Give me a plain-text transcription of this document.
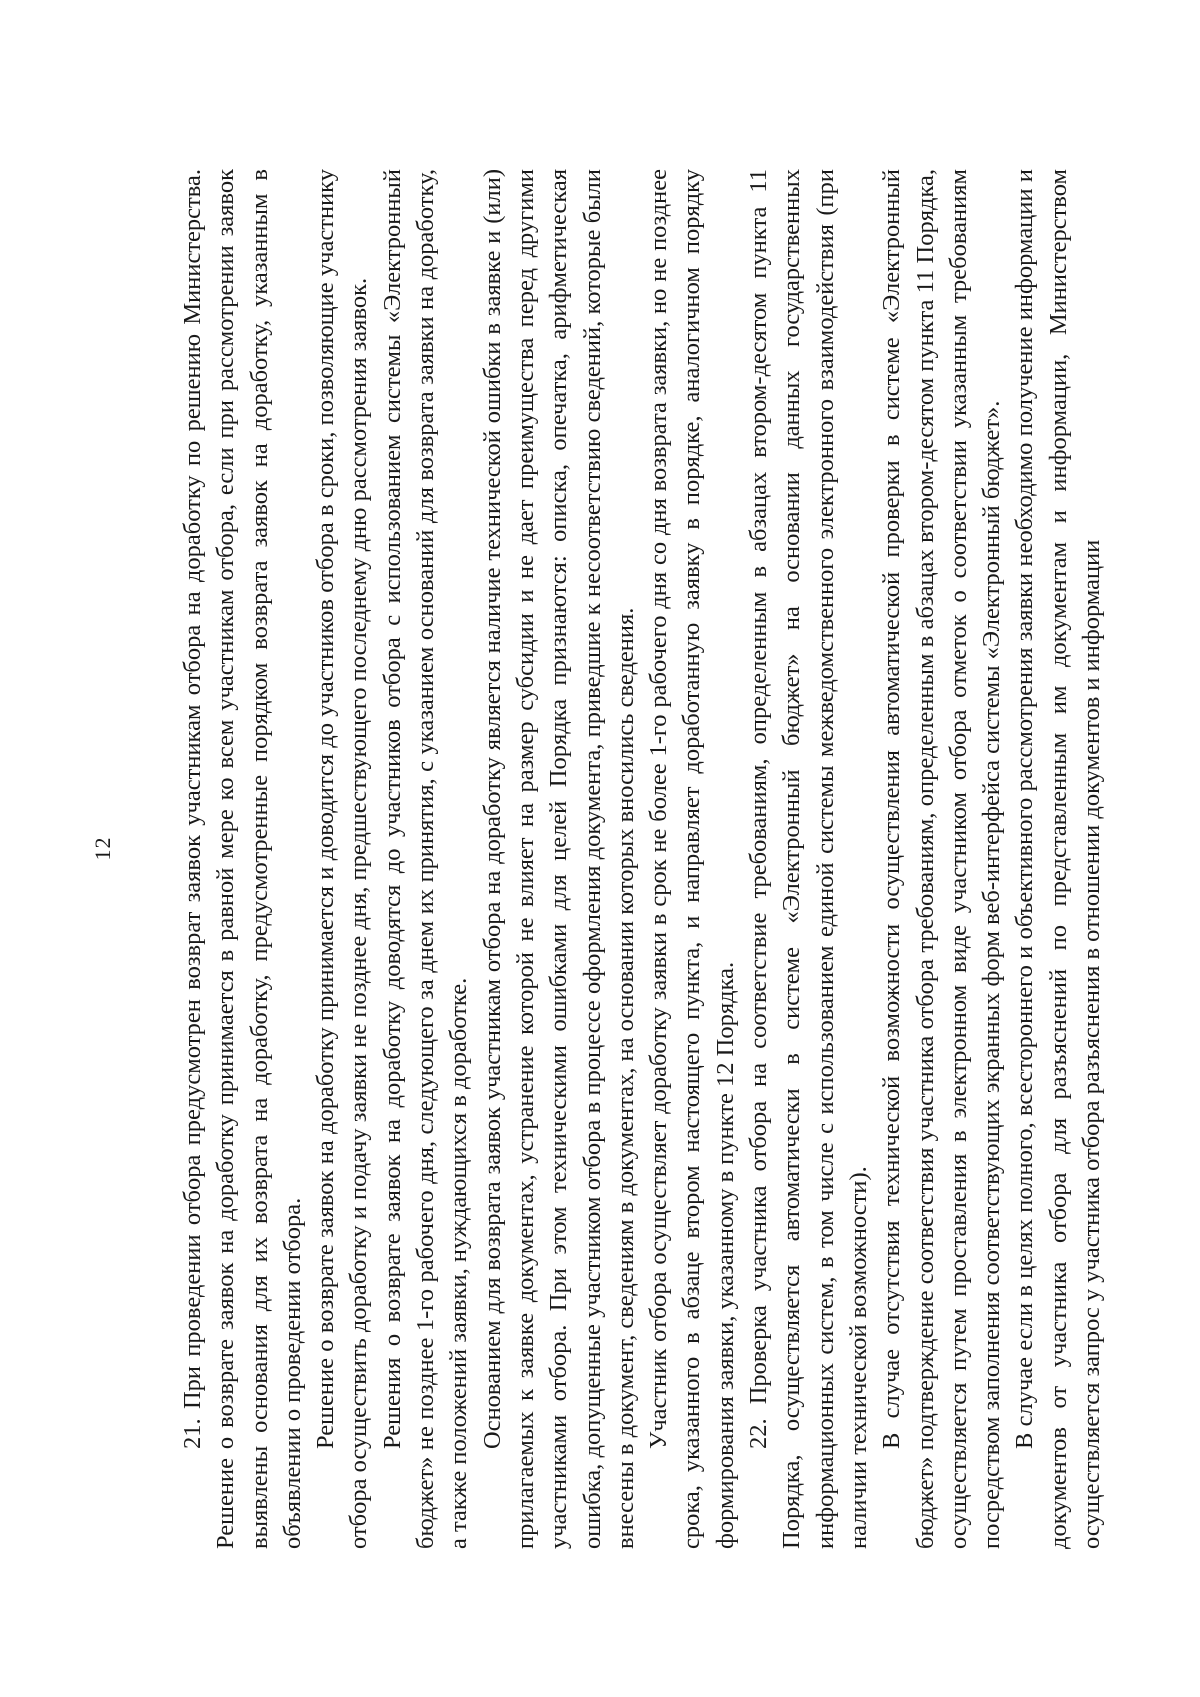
12	21. При проведении отбора предусмотрен возврат заявок участникам отбора на доработку по решению Министерства. Решение о возврате заявок на доработку принимается в равной мере ко всем участникам отбора, если при рассмотрении заявок выявлены основания для их возврата на доработку, предусмотренные порядком возврата заявок на доработку, указанным в объявлении о проведении отбора. Решение о возврате заявок на доработку принимается и доводится до участников отбора в сроки, позволяющие участнику отбора осуществить доработку и подачу заявки не позднее дня, предшествующего последнему дню рассмотрения заявок. Решения о возврате заявок на доработку доводятся до участников отбора с использованием системы «Электронный бюджет» не позднее 1-го рабочего дня, следующего за днем их принятия, с указанием оснований для возврата заявки на доработку, а также положений заявки, нуждающихся в доработке. Основанием для возврата заявок участникам отбора на доработку является наличие технической ошибки в заявке и (или) прилагаемых к заявке документах, устранение которой не влияет на размер субсидии и не дает преимущества перед другими участниками отбора. При этом техническими ошибками для целей Порядка признаются: описка, опечатка, арифметическая ошибка, допущенные участником отбора в процессе оформления документа, приведшие к несоответствию сведений, которые были внесены в документ, сведениям в документах, на основании которых вносились сведения. Участник отбора осуществляет доработку заявки в срок не более 1-го рабочего дня со дня возврата заявки, но не позднее срока, указанного в абзаце втором настоящего пункта, и направляет доработанную заявку в порядке, аналогичном порядку формирования заявки, указанному в пункте 12 Порядка. 22. Проверка участника отбора на соответствие требованиям, определенным в абзацах втором-десятом пункта 11 Порядка, осуществляется автоматически в системе «Электронный бюджет» на основании данных государственных информационных систем, в том числе с использованием единой системы межведомственного электронного взаимодействия (при наличии технической возможности). В случае отсутствия технической возможности осуществления автоматической проверки в системе «Электронный бюджет» подтверждение соответствия участника отбора требованиям, определенным в абзацах втором-десятом пункта 11 Порядка, осуществляется путем проставления в электронном виде участником отбора отметок о соответствии указанным требованиям посредством заполнения соответствующих экранных форм веб-интерфейса системы «Электронный бюджет». В случае если в целях полного, всестороннего и объективного рассмотрения заявки необходимо получение информации и документов от участника отбора для разъяснений по представленным им документам и информации, Министерством осуществляется запрос у участника отбора разъяснения в отношении документов и информации
